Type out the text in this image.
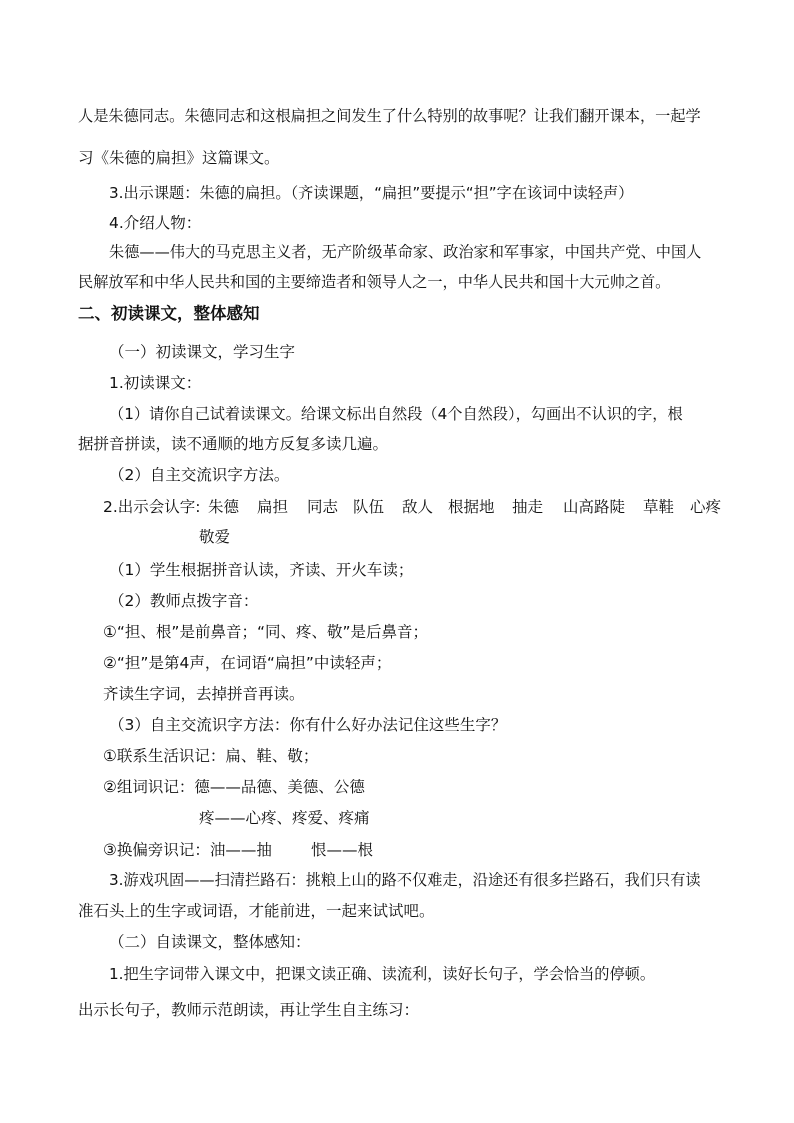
人是朱德同志。朱德同志和这根扁担之间发生了什么特别的故事呢？让我们翻开课本，一起学
习《朱德的扁担》这篇课文。
3.出示课题：朱德的扁担。（齐读课题，“扁担”要提示“担”字在该词中读轻声）
4.介绍人物：
朱德——伟大的马克思主义者，无产阶级革命家、政治家和军事家，中国共产党、中国人
民解放军和中华人民共和国的主要缔造者和领导人之一，中华人民共和国十大元帅之首。
二、初读课文，整体感知
（一）初读课文，学习生字
1.初读课文：
（1）请你自己试着读课文。给课文标出自然段（4个自然段），勾画出不认识的字，根
据拼音拼读，读不通顺的地方反复多读几遍。
（2）自主交流识字方法。
2.出示会认字: 朱德 扁担 同志 队伍 敌人 根据地 抽走 山高路陡 草鞋 心疼
敬爱
（1）学生根据拼音认读，齐读、开火车读；
（2）教师点拨字音：
①“担、根”是前鼻音；“同、疼、敬”是后鼻音；
②“担”是第4声，在词语“扁担”中读轻声；
齐读生字词，去掉拼音再读。
（3）自主交流识字方法：你有什么好办法记住这些生字？
①联系生活识记：扁、鞋、敬；
②组词识记：德——品德、美德、公德
疼——心疼、疼爱、疼痛
③换偏旁识记：油——抽	恨——根
3.游戏巩固——扫清拦路石：挑粮上山的路不仅难走，沿途还有很多拦路石，我们只有读
准石头上的生字或词语，才能前进，一起来试试吧。
（二）自读课文，整体感知：
1.把生字词带入课文中，把课文读正确、读流利，读好长句子，学会恰当的停顿。
出示长句子，教师示范朗读，再让学生自主练习：
